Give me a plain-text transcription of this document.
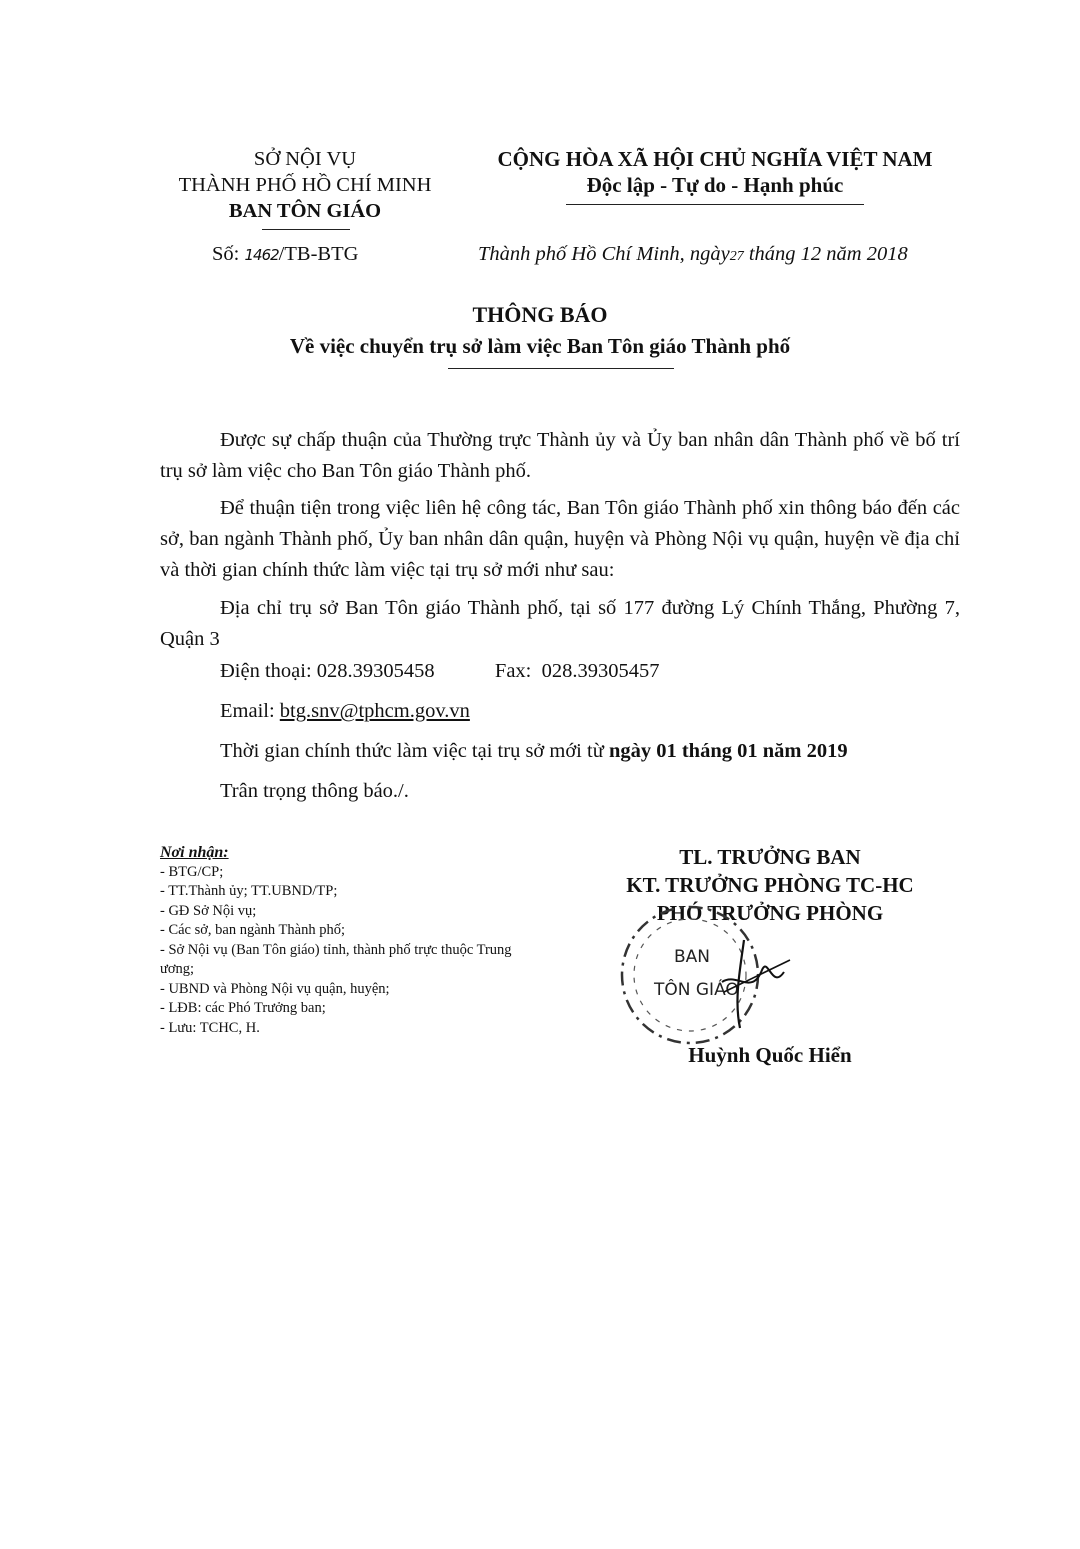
SỞ NỘI VỤ
THÀNH PHỐ HỒ CHÍ MINH
BAN TÔN GIÁO
CỘNG HÒA XÃ HỘI CHỦ NGHĨA VIỆT NAM
Độc lập - Tự do - Hạnh phúc
Số: 1462/TB-BTG	Thành phố Hồ Chí Minh, ngày27 tháng 12 năm 2018
THÔNG BÁO
Về việc chuyển trụ sở làm việc Ban Tôn giáo Thành phố
Được sự chấp thuận của Thường trực Thành ủy và Ủy ban nhân dân Thành phố về bố trí trụ sở làm việc cho Ban Tôn giáo Thành phố.
Để thuận tiện trong việc liên hệ công tác, Ban Tôn giáo Thành phố xin thông báo đến các sở, ban ngành Thành phố, Ủy ban nhân dân quận, huyện và Phòng Nội vụ quận, huyện về địa chỉ và thời gian chính thức làm việc tại trụ sở mới như sau:
Địa chỉ trụ sở Ban Tôn giáo Thành phố, tại số 177 đường Lý Chính Thắng, Phường 7, Quận 3
Điện thoại: 028.39305458	Fax: 028.39305457
Email: btg.snv@tphcm.gov.vn
Thời gian chính thức làm việc tại trụ sở mới từ ngày 01 tháng 01 năm 2019
Trân trọng thông báo./.
Nơi nhận:
- BTG/CP;
- TT.Thành ủy; TT.UBND/TP;
- GĐ Sở Nội vụ;
- Các sở, ban ngành Thành phố;
- Sở Nội vụ (Ban Tôn giáo) tỉnh, thành phố trực thuộc Trung ương;
- UBND và Phòng Nội vụ quận, huyện;
- LĐB: các Phó Trưởng ban;
- Lưu: TCHC, H.
TL. TRƯỞNG BAN
KT. TRƯỞNG PHÒNG TC-HC
PHÓ TRƯỞNG PHÒNG
BAN
TÔN GIÁO
Huỳnh Quốc Hiển
